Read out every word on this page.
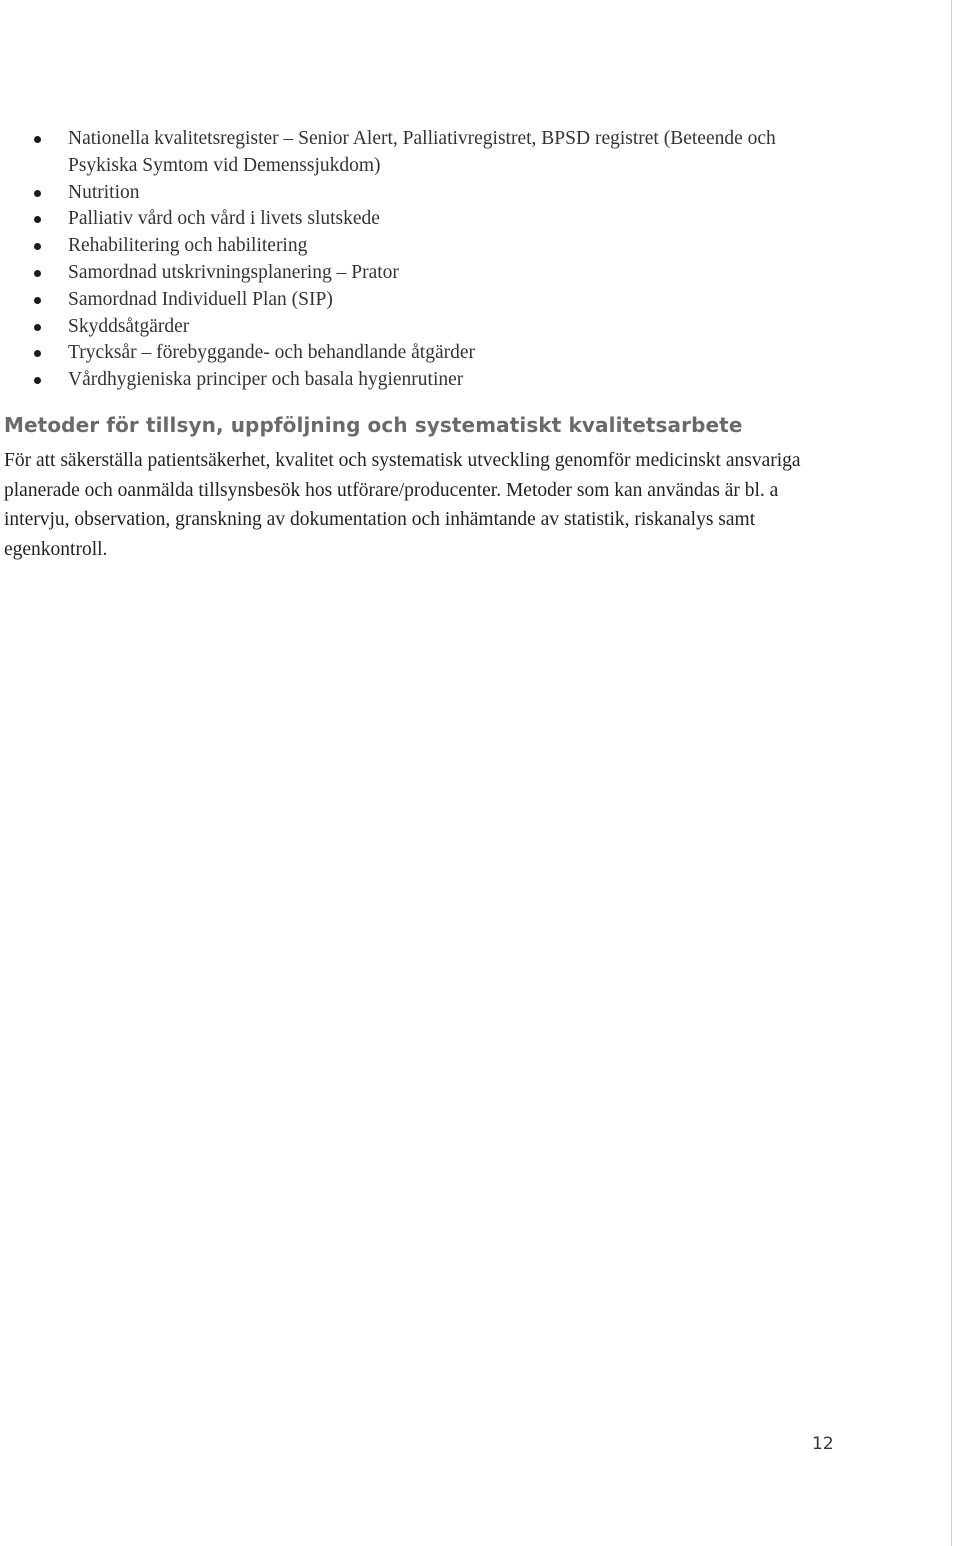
Nationella kvalitetsregister – Senior Alert, Palliativregistret, BPSD registret (Beteende och Psykiska Symtom vid Demenssjukdom)
Nutrition
Palliativ vård och vård i livets slutskede
Rehabilitering och habilitering
Samordnad utskrivningsplanering – Prator
Samordnad Individuell Plan (SIP)
Skyddsåtgärder
Trycksår – förebyggande- och behandlande åtgärder
Vårdhygieniska principer och basala hygienrutiner
Metoder för tillsyn, uppföljning och systematiskt kvalitetsarbete

För att säkerställa patientsäkerhet, kvalitet och systematisk utveckling genomför medicinskt ansvariga planerade och oanmälda tillsynsbesök hos utförare/producenter. Metoder som kan användas är bl. a intervju, observation, granskning av dokumentation och inhämtande av statistik, riskanalys samt egenkontroll.

12
